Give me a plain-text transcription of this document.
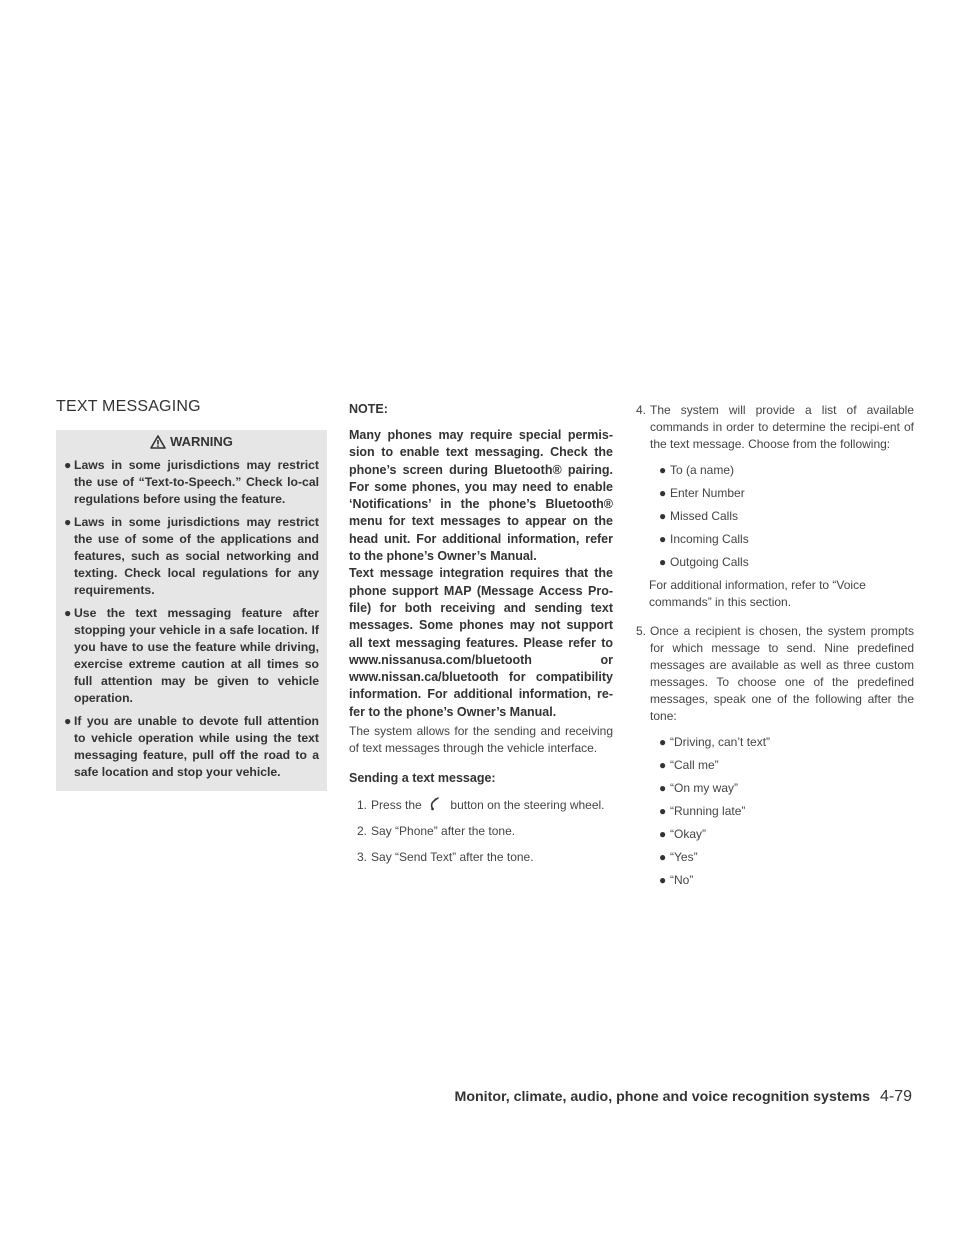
TEXT MESSAGING
WARNING
● Laws in some jurisdictions may restrict the use of “Text-to-Speech.” Check lo-cal regulations before using the feature.
● Laws in some jurisdictions may restrict the use of some of the applications and features, such as social networking and texting. Check local regulations for any requirements.
● Use the text messaging feature after stopping your vehicle in a safe location. If you have to use the feature while driving, exercise extreme caution at all times so full attention may be given to vehicle operation.
● If you are unable to devote full attention to vehicle operation while using the text messaging feature, pull off the road to a safe location and stop your vehicle.
NOTE:

Many phones may require special permis-sion to enable text messaging. Check the phone’s screen during Bluetooth® pairing. For some phones, you may need to enable ‘Notifications’ in the phone’s Bluetooth® menu for text messages to appear on the head unit. For additional information, refer to the phone’s Owner’s Manual.

Text message integration requires that the phone support MAP (Message Access Pro-file) for both receiving and sending text messages. Some phones may not support all text messaging features. Please refer to www.nissanusa.com/bluetooth or www.nissan.ca/bluetooth for compatibility information. For additional information, re-fer to the phone’s Owner’s Manual.

The system allows for the sending and receiving of text messages through the vehicle interface.

Sending a text message:
1. Press the button on the steering wheel.
2. Say “Phone” after the tone.
3. Say “Send Text” after the tone.
4. The system will provide a list of available commands in order to determine the recipi-ent of the text message. Choose from the following:
● To (a name)
● Enter Number
● Missed Calls
● Incoming Calls
● Outgoing Calls
For additional information, refer to “Voice commands” in this section.
5. Once a recipient is chosen, the system prompts for which message to send. Nine predefined messages are available as well as three custom messages. To choose one of the predefined messages, speak one of the following after the tone:
● “Driving, can’t text”
● “Call me”
● “On my way”
● “Running late”
● “Okay”
● “Yes”
● “No”
Monitor, climate, audio, phone and voice recognition systems 4-79
